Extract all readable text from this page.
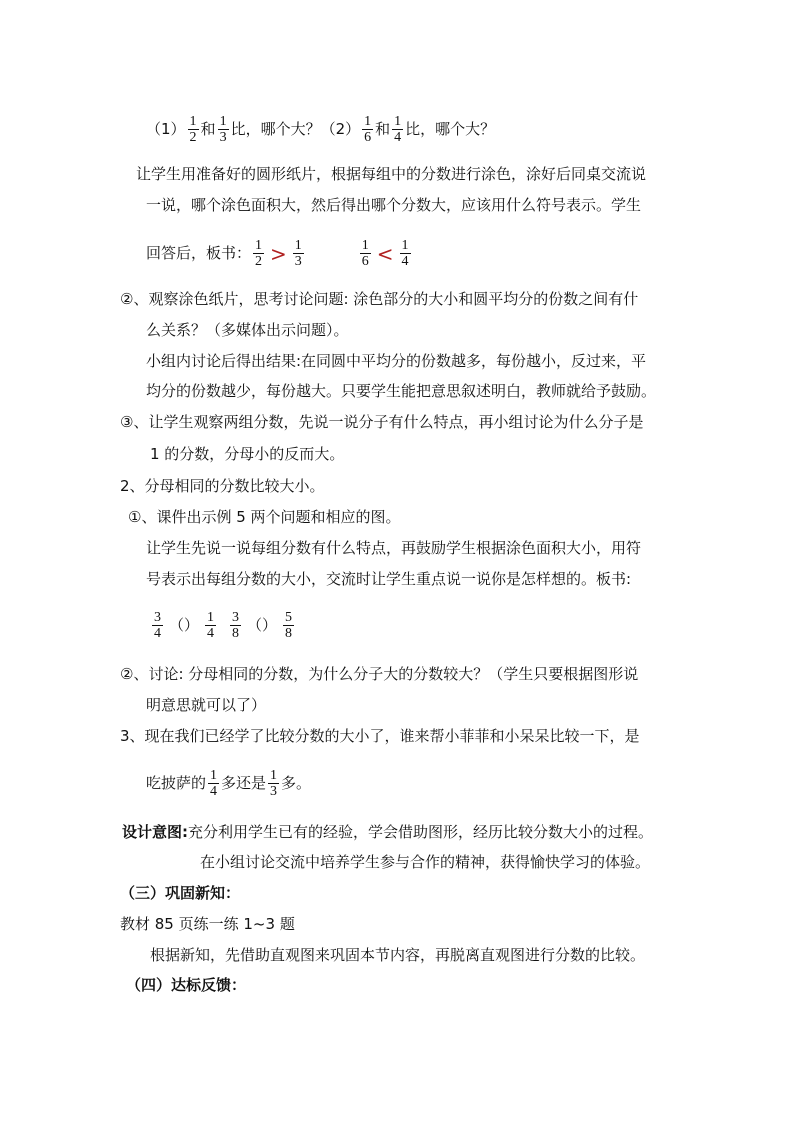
$(1) \frac{1}{2}$ 和 $\frac{1}{3}$ 比，哪个大？$(2) \frac{1}{6}$ 和 $\frac{1}{4}$ 比，哪个大？
让学生用准备好的圆形纸片，根据每组中的分数进行涂色，涂好后同桌交流说
一说，哪个涂色面积大，然后得出哪个分数大，应该用什么符号表示。学生
回答后，板书： $\frac{1}{2} > \frac{1}{3}$	$\frac{1}{6} < \frac{1}{4}$
②、观察涂色纸片，思考讨论问题: 涂色部分的大小和圆平均分的份数之间有什
么关系？（多媒体出示问题）。
小组内讨论后得出结果:在同圆中平均分的份数越多，每份越小，反过来，平
均分的份数越少，每份越大。只要学生能把意思叙述明白，教师就给予鼓励。
③、让学生观察两组分数，先说一说分子有什么特点，再小组讨论为什么分子是
1 的分数，分母小的反而大。
2、分母相同的分数比较大小。
①、课件出示例 5 两个问题和相应的图。
让学生先说一说每组分数有什么特点，再鼓励学生根据涂色面积大小，用符
号表示出每组分数的大小，交流时让学生重点说一说你是怎样想的。板书:
$\frac{3}{4}$ （） $\frac{1}{4} \frac{3}{8}$ （） $\frac{5}{8}$
②、讨论: 分母相同的分数，为什么分子大的分数较大？（学生只要根据图形说
明意思就可以了）
3、现在我们已经学了比较分数的大小了，谁来帮小菲菲和小呆呆比较一下，是
吃披萨的 $\frac{1}{4}$ 多还是 $\frac{1}{3}$ 多。
设计意图:充分利用学生已有的经验，学会借助图形，经历比较分数大小的过程。
在小组讨论交流中培养学生参与合作的精神，获得愉快学习的体验。
（三）巩固新知：
教材 85 页练一练 1~3 题
根据新知，先借助直观图来巩固本节内容，再脱离直观图进行分数的比较。
（四）达标反馈：
